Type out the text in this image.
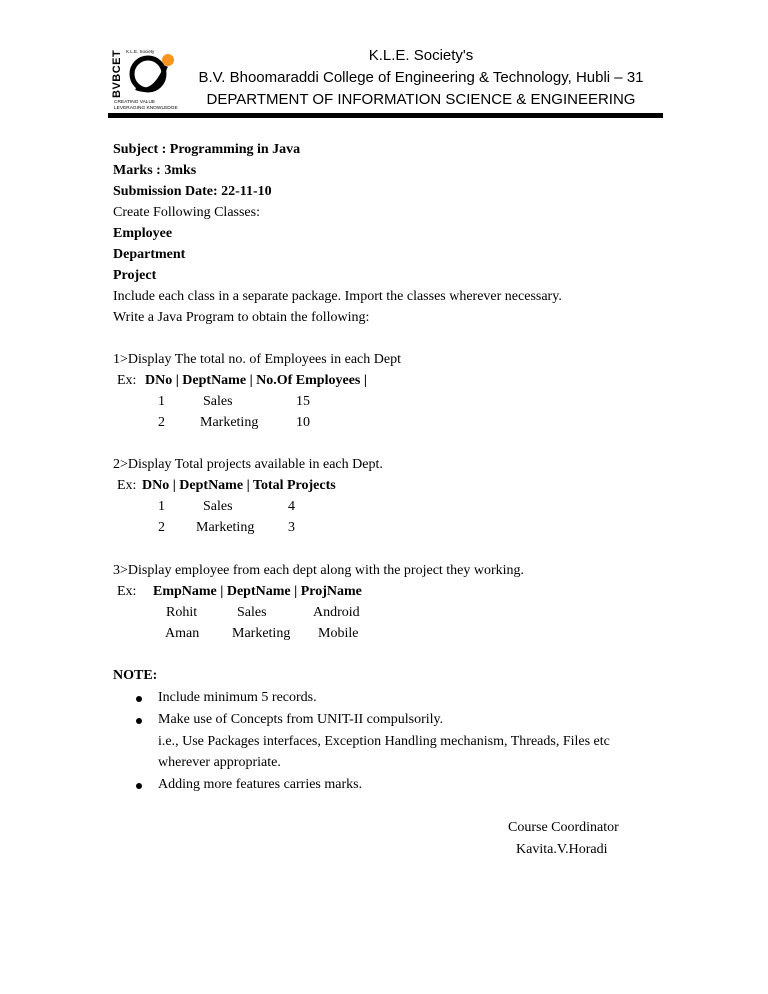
K.L.E. Society
BVBCET
CREATING VALUE
LEVERAGING KNOWLEDGE
K.L.E. Society's
B.V. Bhoomaraddi College of Engineering & Technology, Hubli – 31
DEPARTMENT OF INFORMATION SCIENCE & ENGINEERING
Subject : Programming in Java
Marks : 3mks
Submission Date: 22-11-10
Create Following Classes:
Employee
Department
Project
Include each class in a separate package. Import the classes wherever necessary.
Write a Java Program to obtain the following:
1>Display The total no. of Employees in each Dept
Ex: DNo | DeptName | No.Of Employees |
1	Sales	15
2	Marketing	10
2>Display Total projects available in each Dept.
Ex: DNo | DeptName | Total Projects
1	Sales	4
2 Marketing 3
3>Display employee from each dept along with the project they working.
Ex: EmpName | DeptName | ProjName
Rohit	Sales	Android
Aman Marketing Mobile
NOTE:
Include minimum 5 records.
Make use of Concepts from UNIT-II compulsorily.
i.e., Use Packages interfaces, Exception Handling mechanism, Threads, Files etc
wherever appropriate.
Adding more features carries marks.
Course Coordinator
Kavita.V.Horadi
